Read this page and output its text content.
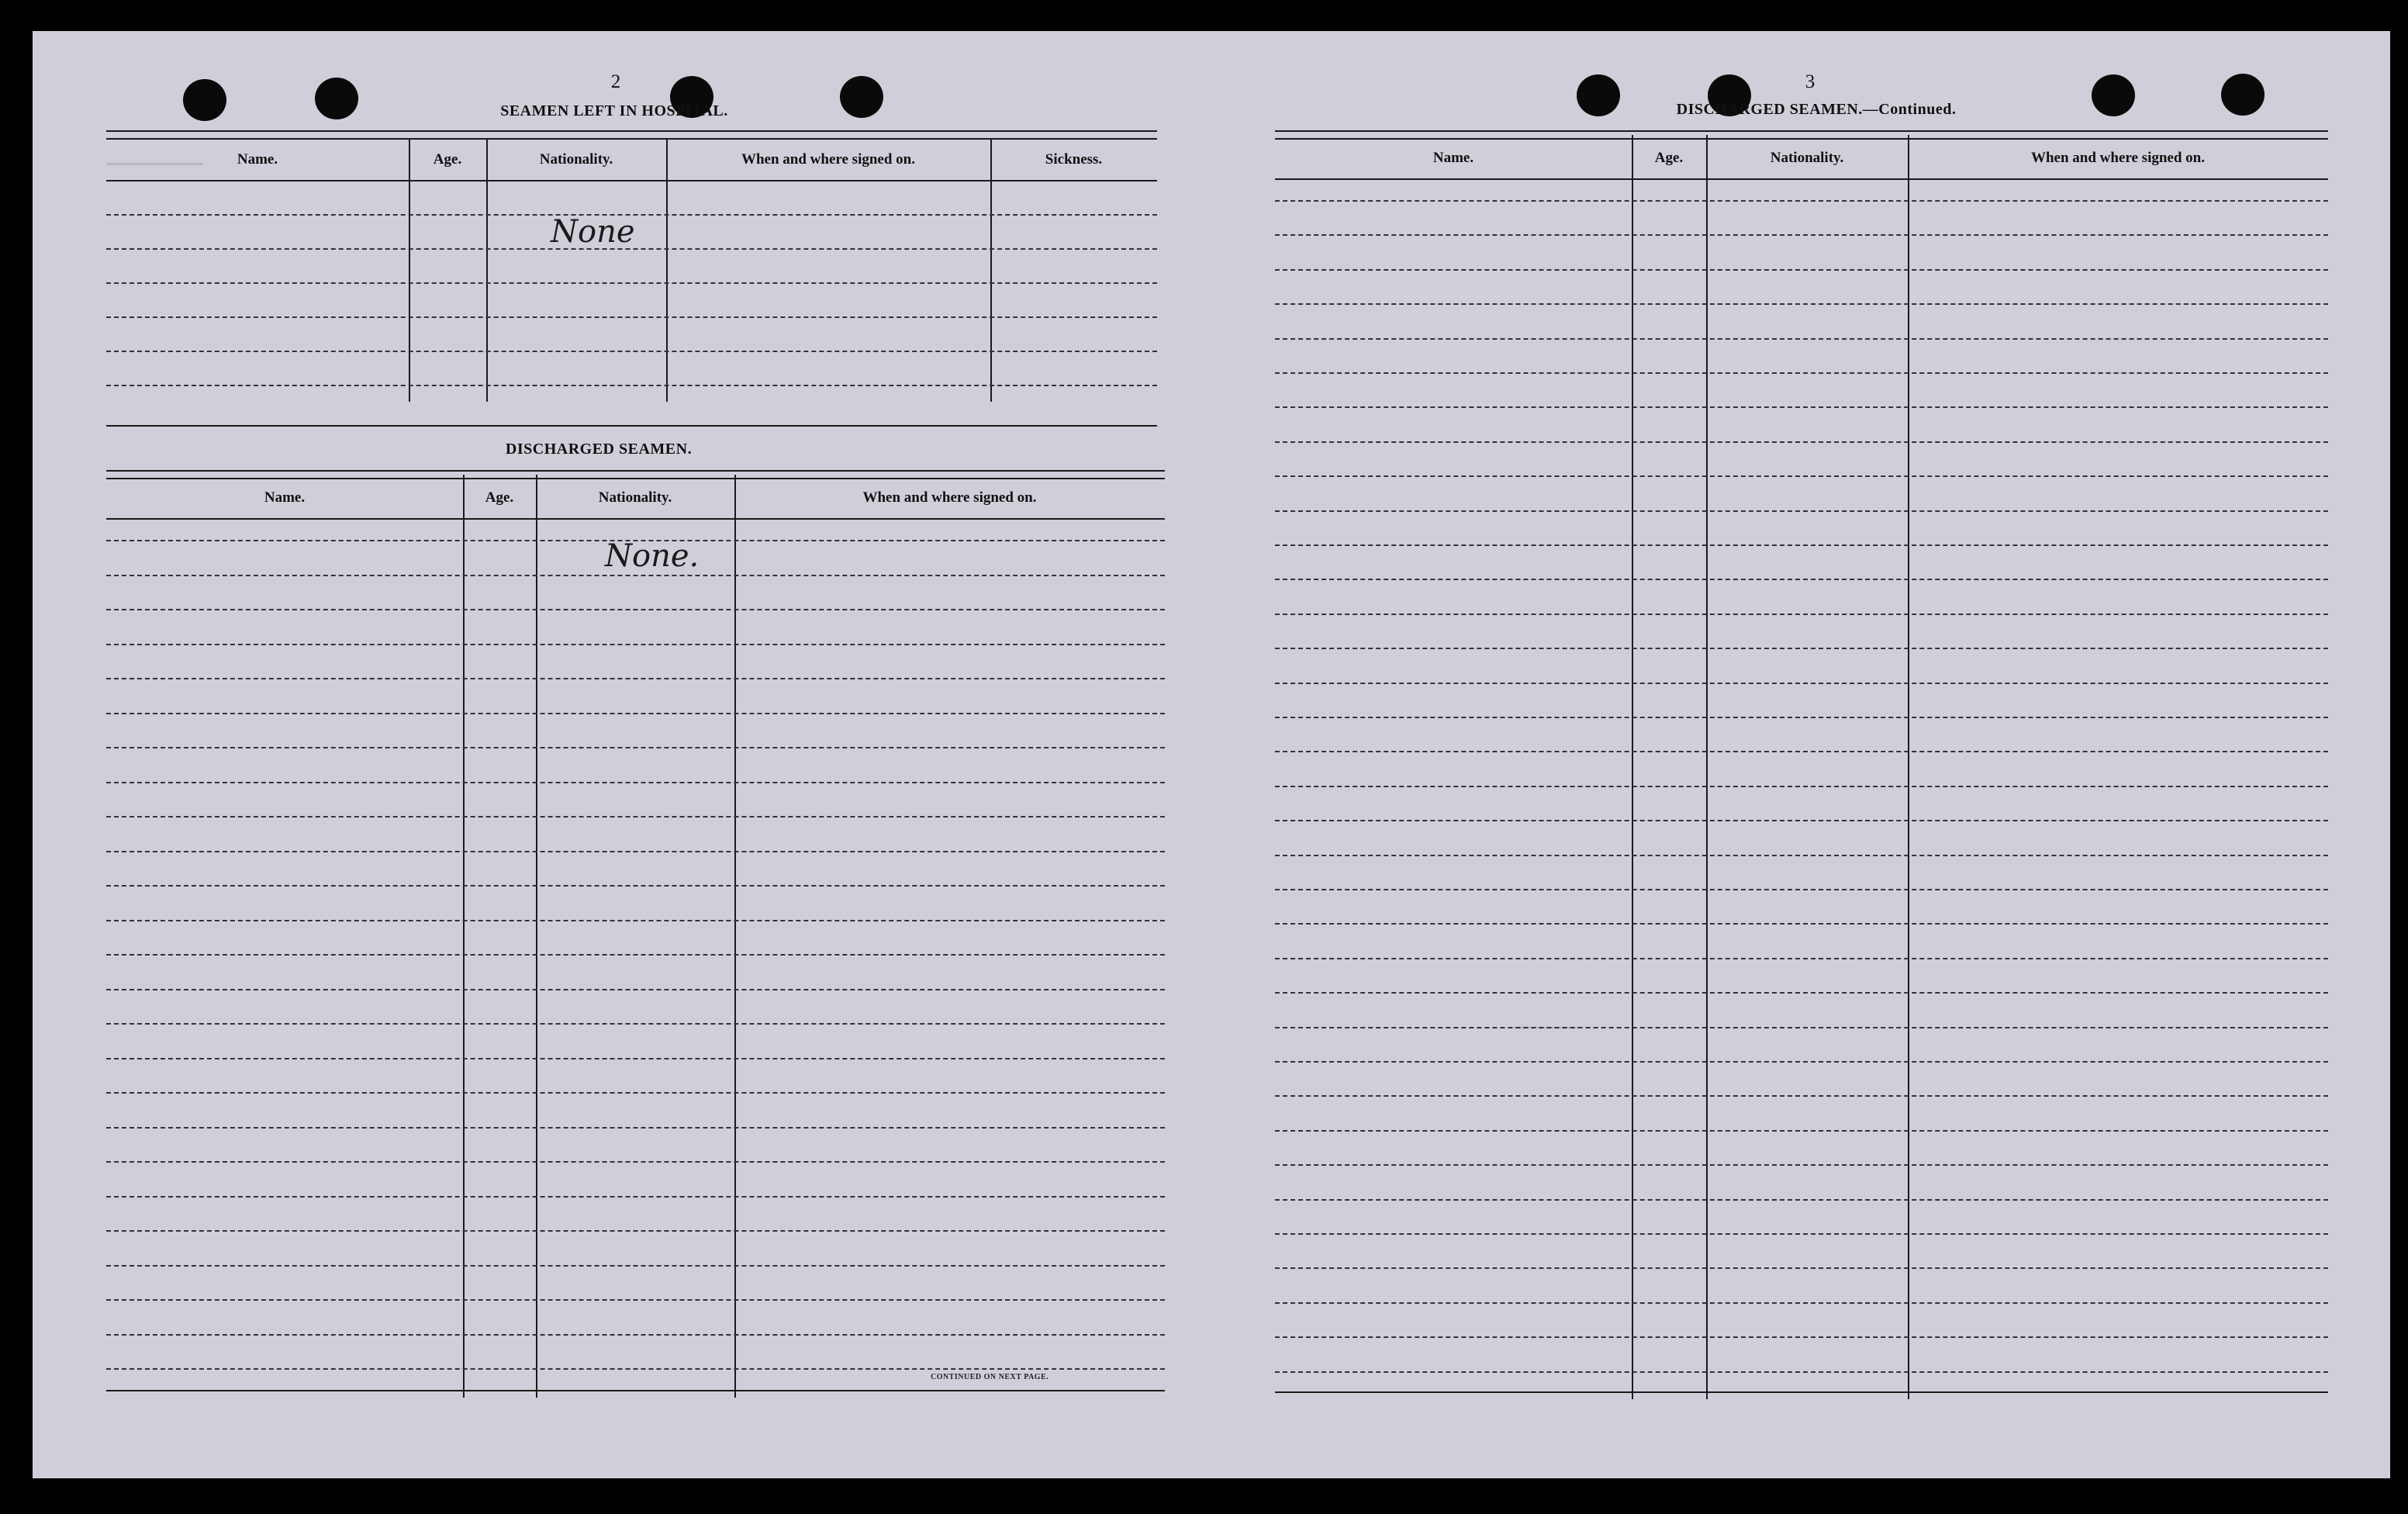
────
───
2
SEAMEN LEFT IN HOSPITAL.
Name.	Age.	Nationality.	When and where signed on.	Sickness.
None
DISCHARGED SEAMEN.
Name.	Age.	Nationality.	When and where signed on.
None.
CONTINUED ON NEXT PAGE.
3
DISCHARGED SEAMEN.—Continued.
Name.	Age.	Nationality.	When and where signed on.
